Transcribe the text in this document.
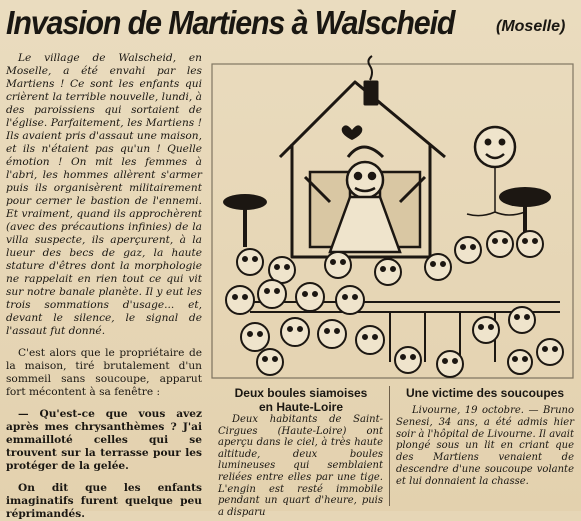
Invasion de Martiens à Walscheid	(Moselle)

Le village de Walscheid, en Moselle, a été envahi par les Martiens ! Ce sont les enfants qui crièrent la terrible nouvelle, lundi, à des paroissiens qui sortaient de l'église. Parfaitement, les Martiens ! Ils avaient pris d'assaut une maison, et ils n'étaient pas qu'un ! Quelle émotion ! On mit les femmes à l'abri, les hommes allèrent s'armer puis ils organisèrent militairement pour cerner le bastion de l'ennemi. Et vraiment, quand ils approchèrent (avec des précautions infinies) de la villa suspecte, ils aperçurent, à la lueur des becs de gaz, la haute stature d'êtres dont la morphologie ne rappelait en rien tout ce qui vit sur notre banale planète. Il y eut les trois sommations d'usage... et, devant le silence, le signal de l'assaut fut donné.

C'est alors que le propriétaire de la maison, tiré brutalement d'un sommeil sans soucoupe, apparut fort mécontent à sa fenêtre :

— Qu'est-ce que vous avez après mes chrysanthèmes ? J'ai emmailloté celles qui se trouvent sur la terrasse pour les protéger de la gelée.

On dit que les enfants imaginatifs furent quelque peu réprimandés.

Deux boules siamoises
en Haute-Loire
Deux habitants de Saint-Cirgues (Haute-Loire) ont aperçu dans le ciel, à très haute altitude, deux boules lumineuses qui semblaient reliées entre elles par une tige. L'engin est resté immobile pendant un quart d'heure, puis a disparu
Une victime des soucoupes
Livourne, 19 octobre. — Bruno Senesi, 34 ans, a été admis hier soir à l'hôpital de Livourne. Il avait plongé sous un lit en criant que des Martiens venaient de descendre d'une soucoupe volante et lui donnaient la chasse.
